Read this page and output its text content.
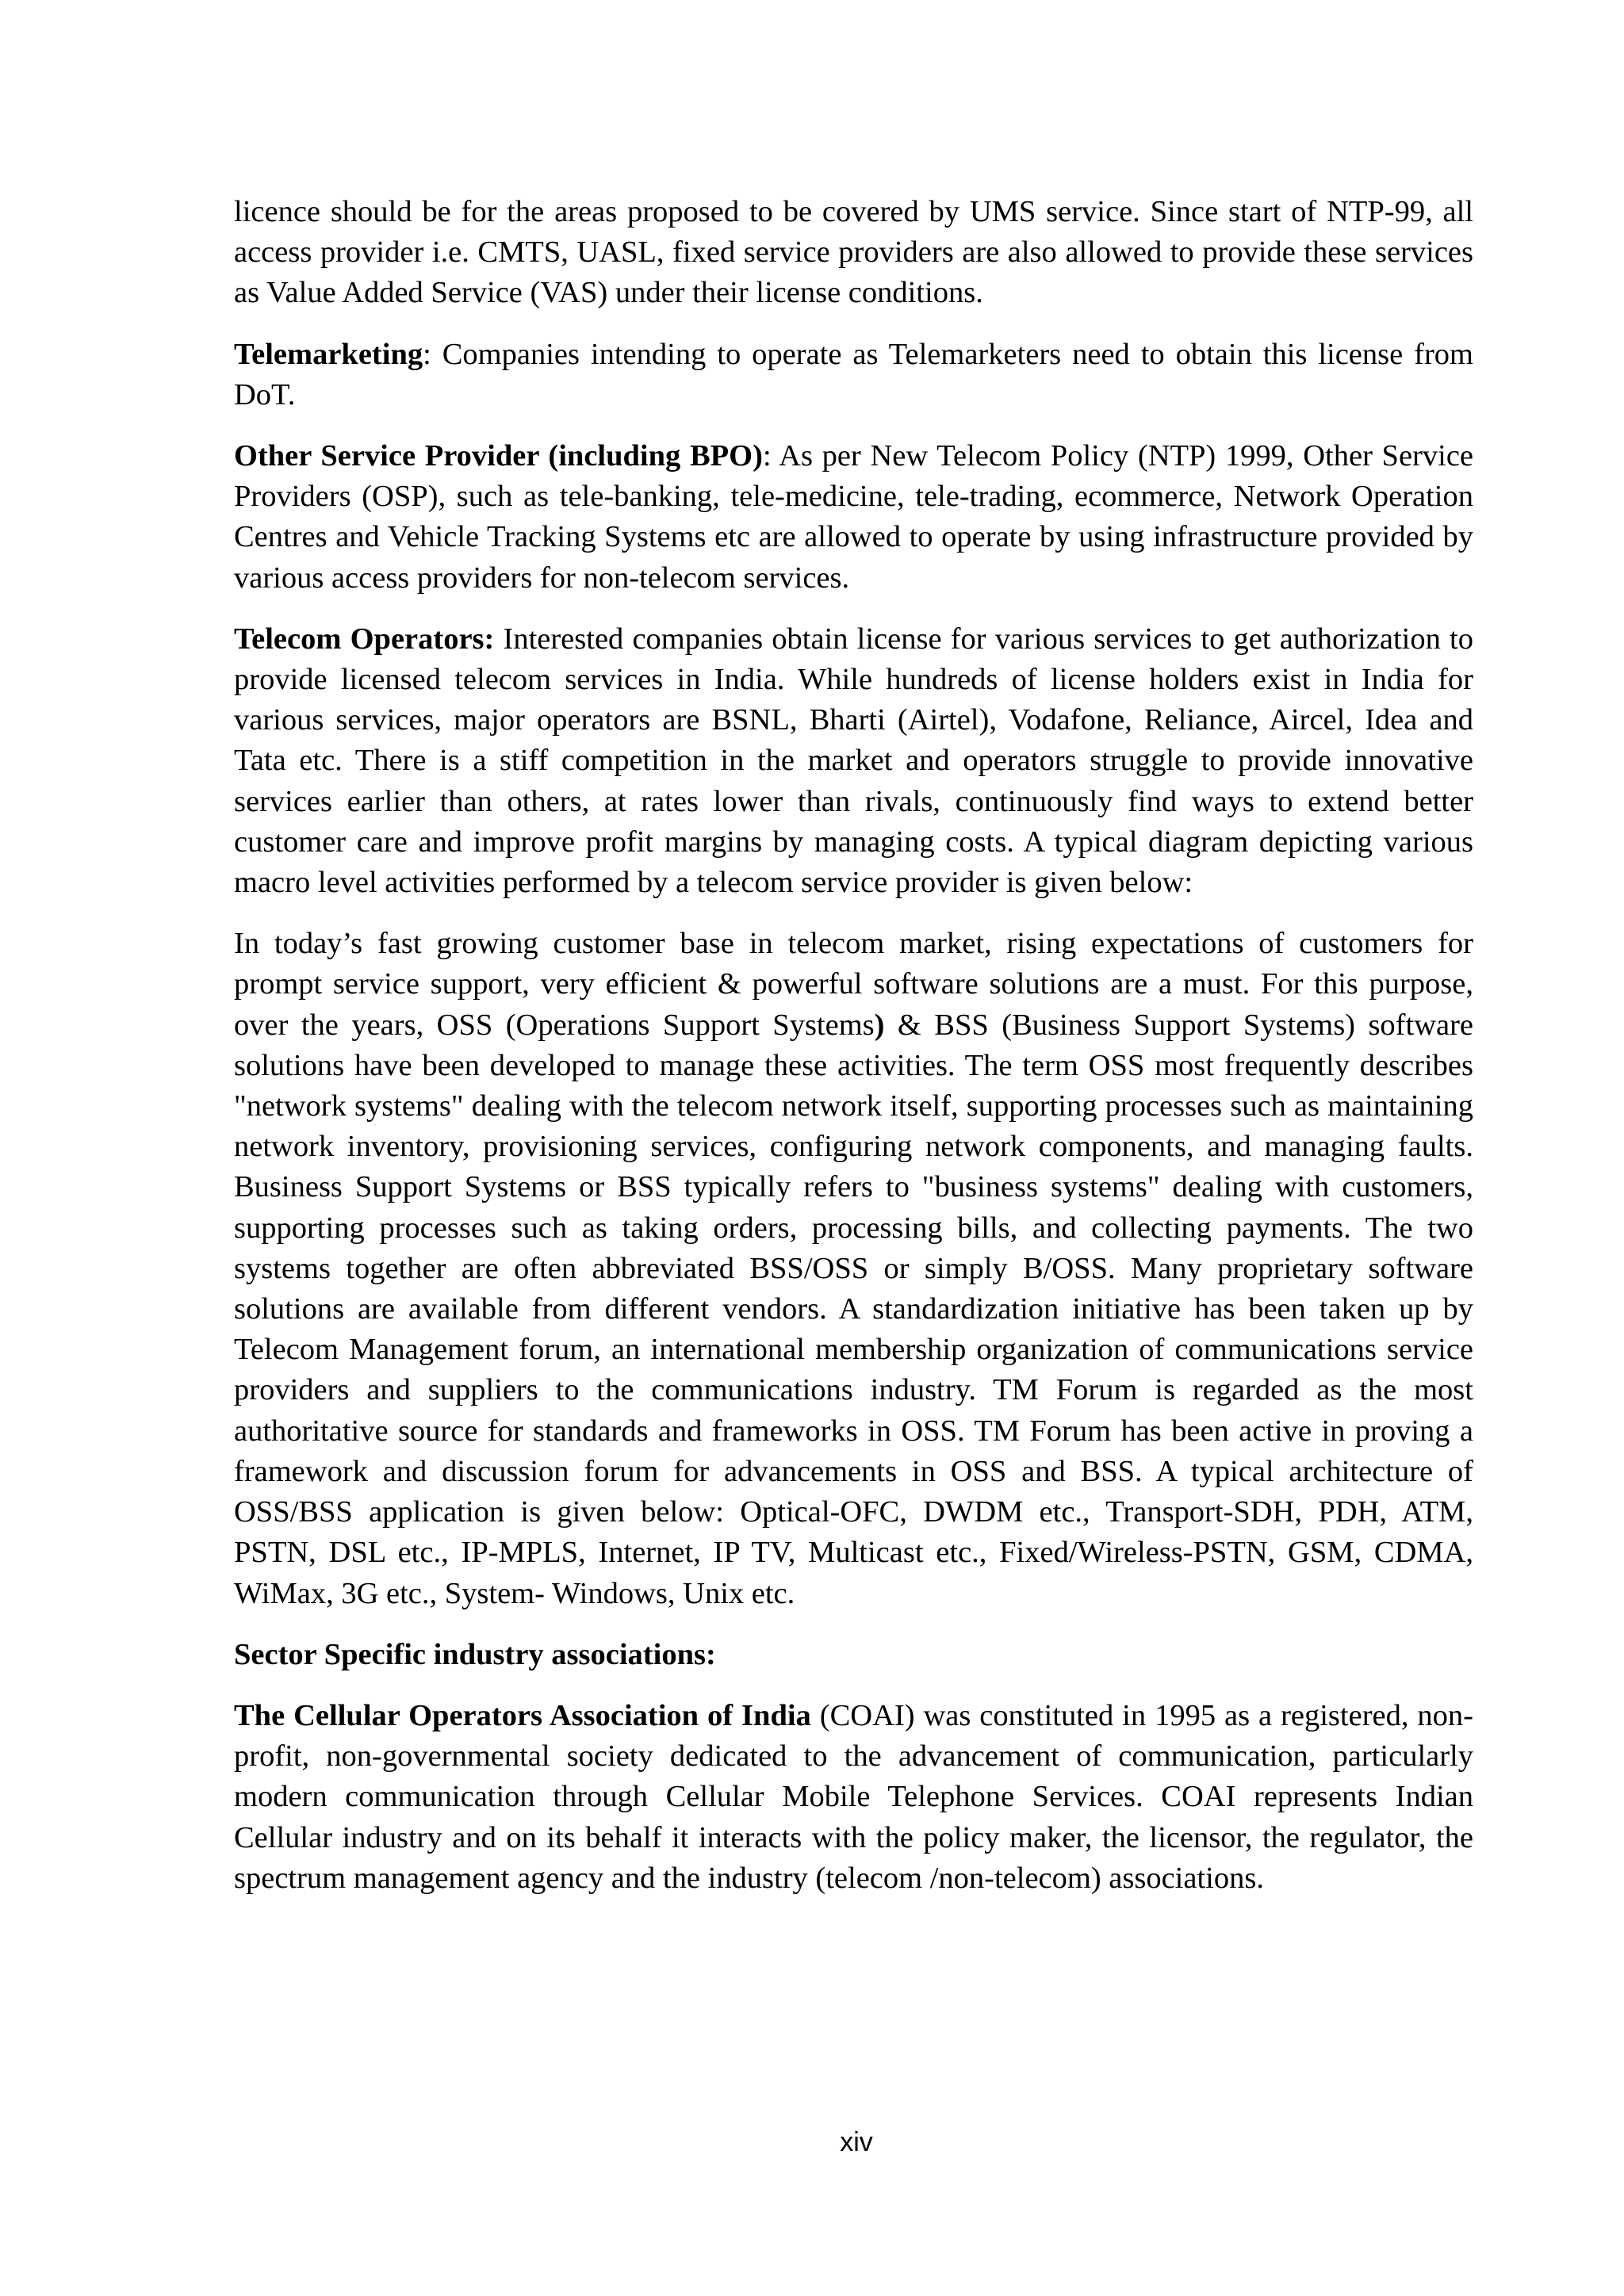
licence should be for the areas proposed to be covered by UMS service. Since start of NTP-99, all access provider i.e. CMTS, UASL, fixed service providers are also allowed to provide these services as Value Added Service (VAS) under their license conditions.

Telemarketing: Companies intending to operate as Telemarketers need to obtain this license from DoT.

Other Service Provider (including BPO): As per New Telecom Policy (NTP) 1999, Other Service Providers (OSP), such as tele-banking, tele-medicine, tele-trading, ecommerce, Network Operation Centres and Vehicle Tracking Systems etc are allowed to operate by using infrastructure provided by various access providers for non-telecom services.

Telecom Operators: Interested companies obtain license for various services to get authorization to provide licensed telecom services in India. While hundreds of license holders exist in India for various services, major operators are BSNL, Bharti (Airtel), Vodafone, Reliance, Aircel, Idea and Tata etc. There is a stiff competition in the market and operators struggle to provide innovative services earlier than others, at rates lower than rivals, continuously find ways to extend better customer care and improve profit margins by managing costs. A typical diagram depicting various macro level activities performed by a telecom service provider is given below:

In today’s fast growing customer base in telecom market, rising expectations of customers for prompt service support, very efficient & powerful software solutions are a must. For this purpose, over the years, OSS (Operations Support Systems) & BSS (Business Support Systems) software solutions have been developed to manage these activities. The term OSS most frequently describes "network systems" dealing with the telecom network itself, supporting processes such as maintaining network inventory, provisioning services, configuring network components, and managing faults. Business Support Systems or BSS typically refers to "business systems" dealing with customers, supporting processes such as taking orders, processing bills, and collecting payments. The two systems together are often abbreviated BSS/OSS or simply B/OSS. Many proprietary software solutions are available from different vendors. A standardization initiative has been taken up by Telecom Management forum, an international membership organization of communications service providers and suppliers to the communications industry. TM Forum is regarded as the most authoritative source for standards and frameworks in OSS. TM Forum has been active in proving a framework and discussion forum for advancements in OSS and BSS. A typical architecture of OSS/BSS application is given below: Optical-OFC, DWDM etc., Transport-SDH, PDH, ATM, PSTN, DSL etc., IP-MPLS, Internet, IP TV, Multicast etc., Fixed/Wireless-PSTN, GSM, CDMA, WiMax, 3G etc., System- Windows, Unix etc.

Sector Specific industry associations:

The Cellular Operators Association of India (COAI) was constituted in 1995 as a registered, non-profit, non-governmental society dedicated to the advancement of communication, particularly modern communication through Cellular Mobile Telephone Services. COAI represents Indian Cellular industry and on its behalf it interacts with the policy maker, the licensor, the regulator, the spectrum management agency and the industry (telecom /non-telecom) associations.

xiv
